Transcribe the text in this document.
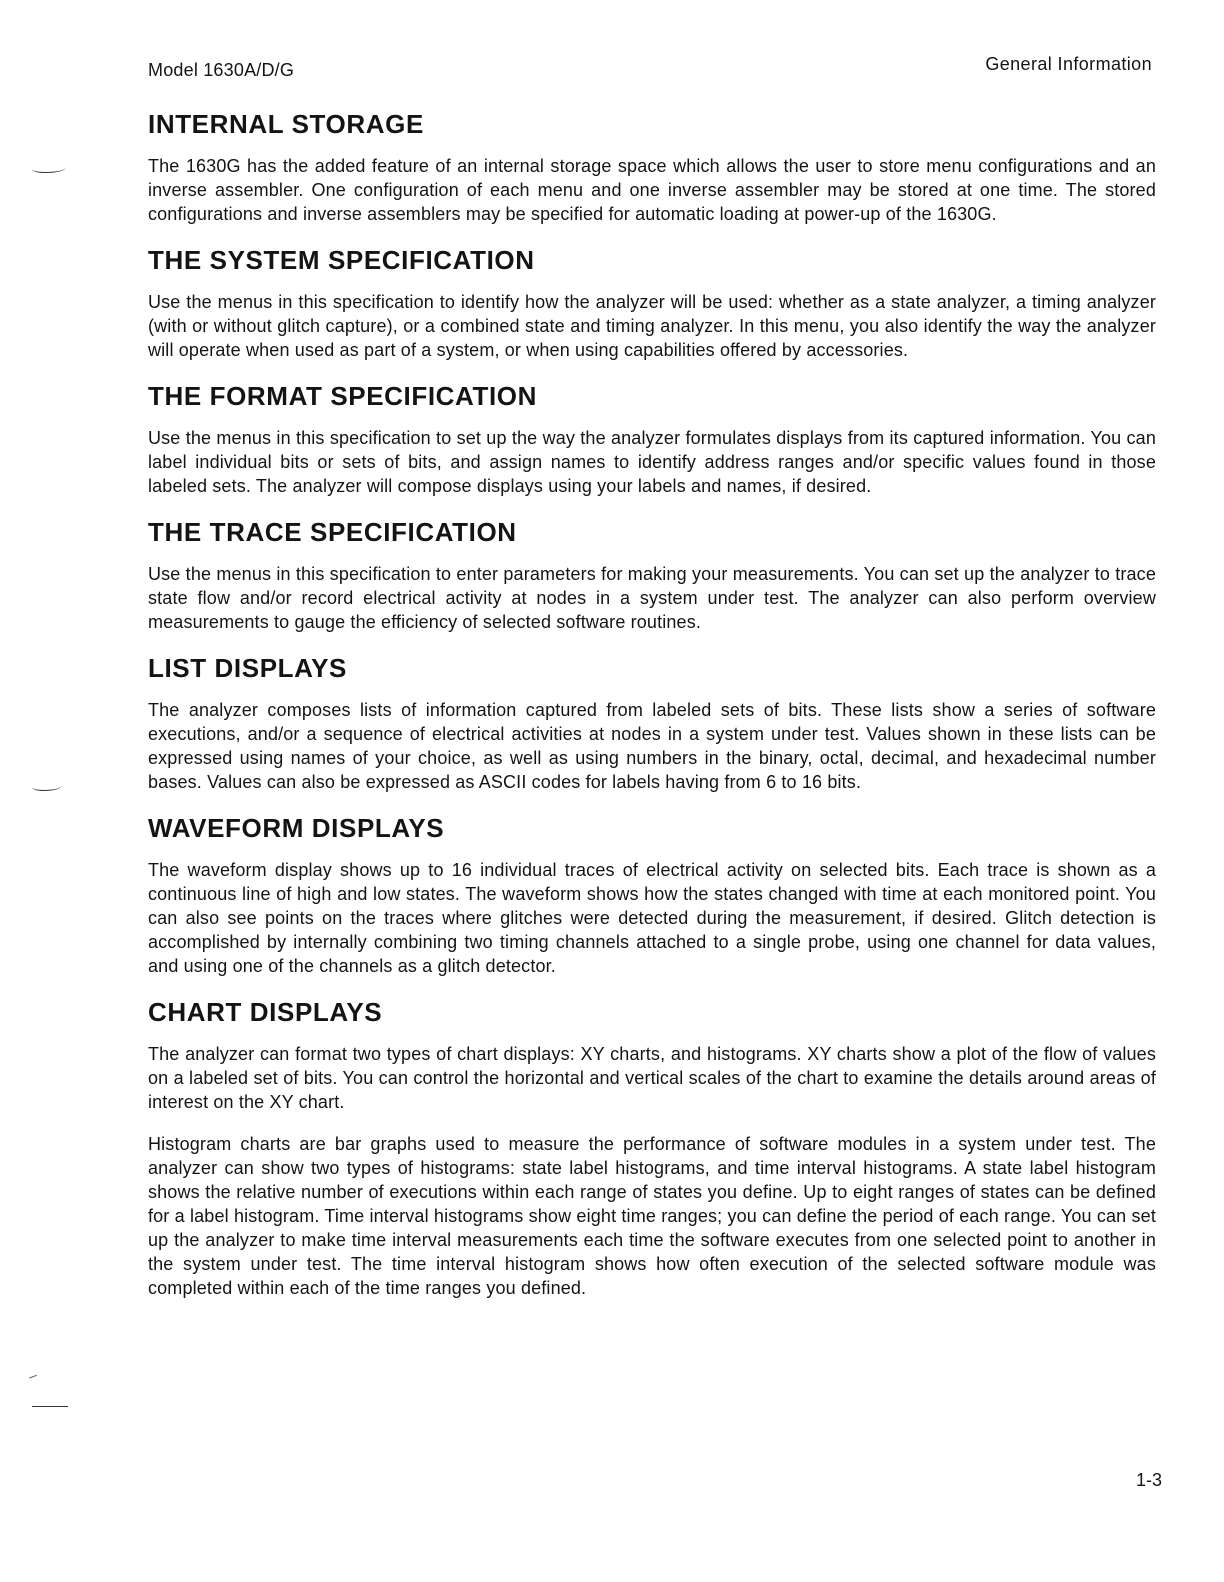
Model 1630A/D/G	General Information
INTERNAL STORAGE

The 1630G has the added feature of an internal storage space which allows the user to store menu configurations and an inverse assembler. One configuration of each menu and one inverse assembler may be stored at one time. The stored configurations and inverse assemblers may be specified for automatic loading at power-up of the 1630G.

THE SYSTEM SPECIFICATION

Use the menus in this specification to identify how the analyzer will be used: whether as a state analyzer, a timing analyzer (with or without glitch capture), or a combined state and timing analyzer. In this menu, you also identify the way the analyzer will operate when used as part of a system, or when using capabilities offered by accessories.

THE FORMAT SPECIFICATION

Use the menus in this specification to set up the way the analyzer formulates displays from its captured information. You can label individual bits or sets of bits, and assign names to identify address ranges and/or specific values found in those labeled sets. The analyzer will compose displays using your labels and names, if desired.

THE TRACE SPECIFICATION

Use the menus in this specification to enter parameters for making your measurements. You can set up the analyzer to trace state flow and/or record electrical activity at nodes in a system under test. The analyzer can also perform overview measurements to gauge the efficiency of selected software routines.

LIST DISPLAYS

The analyzer composes lists of information captured from labeled sets of bits. These lists show a series of software executions, and/or a sequence of electrical activities at nodes in a system under test. Values shown in these lists can be expressed using names of your choice, as well as using numbers in the binary, octal, decimal, and hexadecimal number bases. Values can also be expressed as ASCII codes for labels having from 6 to 16 bits.

WAVEFORM DISPLAYS

The waveform display shows up to 16 individual traces of electrical activity on selected bits. Each trace is shown as a continuous line of high and low states. The waveform shows how the states changed with time at each monitored point. You can also see points on the traces where glitches were detected during the measurement, if desired. Glitch detection is accomplished by internally combining two timing channels attached to a single probe, using one channel for data values, and using one of the channels as a glitch detector.

CHART DISPLAYS

The analyzer can format two types of chart displays: XY charts, and histograms. XY charts show a plot of the flow of values on a labeled set of bits. You can control the horizontal and vertical scales of the chart to examine the details around areas of interest on the XY chart.

Histogram charts are bar graphs used to measure the performance of software modules in a system under test. The analyzer can show two types of histograms: state label histograms, and time interval histograms. A state label histogram shows the relative number of executions within each range of states you define. Up to eight ranges of states can be defined for a label histogram. Time interval histograms show eight time ranges; you can define the period of each range. You can set up the analyzer to make time interval measurements each time the software executes from one selected point to another in the system under test. The time interval histogram shows how often execution of the selected software module was completed within each of the time ranges you defined.

1-3
